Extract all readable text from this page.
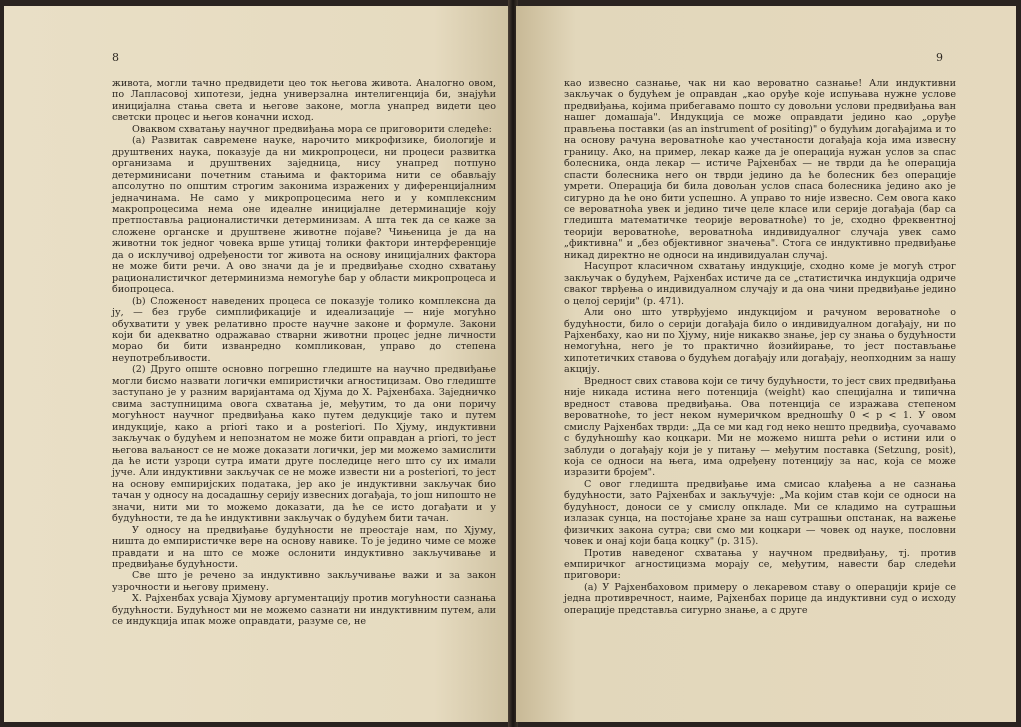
8

живота, могли тачно предвидети цео ток његова живота. Аналогно овом, по Лапласовој хипотези, једна универзална интелигенција би, знајући иницијална стања света и његове законе, могла унапред видети цео светски процес и његов коначни исход.

Оваквом схватању научног предвиђања мора се приговорити следеће:

(а) Развитак савремене науке, нарочито микрофизике, биологије и друштвених наука, показује да ни микропроцеси, ни процеси развитка организама и друштвених заједница, нису унапред потпуно детерминисани почетним стањима и факторима нити се обављају апсолутно по општим строгим законима изражених у диференцијалним једначинама. Не само у микропроцесима него и у комплексним макропроцесима нема оне идеалне иницијалне детерминације коју претпоставља рационалистички детерминизам. А шта тек да се каже за сложене органске и друштвене животне појаве? Чињеница је да на животни ток једног човека врше утицај толики фактори интерференције да о исклучивој одређености тог живота на основу иницијалних фактора не може бити речи. А ово значи да је и предвиђање сходно схватању рационалистичког детерминизма немогуће бар у области микропроцеса и биопроцеса.

(b) Сложеност наведених процеса се показује толико комплексна да ју, — без грубе симплификације и идеализације — није могућно обухватити у увек релативно просте научне законе и формуле. Закони који би адекватно одражавао стварни животни процес једне личности морао би бити изванредно компликован, управо до степена неупотребљивости.

(2) Друго опште основно погрешно гледиште на научно предвиђање могли бисмо назвати логички емпиристички агностицизам. Ово гледиште заступано је у разним варијантама од Хјума до Х. Рајхенбаха. Заједничко свима заступницима овога схватања је, међутим, то да они поричу могућност научног предвиђања како путем дедукције тако и путем индукције, како a priori тако и a posteriori. По Хјуму, индуктивни закључак о будућем и непознатом не може бити оправдан a priori, то јест његова ваљаност се не може доказати логички, јер ми можемо замислити да ће исти узроци сутра имати друге последице него што су их имали јуче. Али индуктивни закључак се не може извести ни a posteriori, то јест на основу емпиријских података, јер ако је индуктивни закључак био тачан у односу на досадашњу серију извесних догађаја, то још нипошто не значи, нити ми то можемо доказати, да ће се исто догађати и у будућности, те да ће индуктивни закључак о будућем бити тачан.

У односу на предвиђање будућности не преостаје нам, по Хјуму, ништа до емпиристичке вере на основу навике. То је једино чиме се може правдати и на што се може ослонити индуктивно закључивање и предвиђање будућности.

Све што је речено за индуктивно закључивање важи и за закон узрочности и његову примену.

Х. Рајхенбах усваја Хјумову аргументацију против могућности сазнања будућности. Будућност ми не можемо сазнати ни индуктивним путем, али се индукција ипак може оправдати, разуме се, не

9

као извесно сазнање, чак ни као вероватно сазнање! Али индуктивни закључак о будућем је оправдан „као оруђе које испуњава нужне услове предвиђања, којима прибегавамо пошто су довољни услови предвиђања ван нашег домашаја". Индукција се може оправдати једино као „оруђе прављења поставки (as an instrument of positing)" о будућим догађајима и то на основу рачуна вероватноће као учестаности догађаја која има извесну границу. Ако, на пример, лекар каже да је операција нужан услов за спас болесника, онда лекар — истиче Рајхенбах — не тврди да ће операција спасти болесника него он тврди једино да ће болесник без операције умрети. Операција би била довољан услов спаса болесника једино ако је сигурно да ће оно бити успешно. А управо то није извесно. Сем овога како се вероватноћа увек и једино тиче целе класе или серије догађаја (бар са гледишта математичке теорије вероватноће) то је, сходно фреквентној теорији вероватноће, вероватноћа индивидуалног случаја увек само „фиктивна" и „без објективног значења". Стога се индуктивно предвиђање никад директно не односи на индивидуалан случај.

Насупрот класичном схватању индукције, сходно коме је могућ строг закључак о будућем, Рајхенбах истиче да се „статистичка индукција одриче сваког тврђења о индивидуалном случају и да она чини предвиђање једино о целој серији" (p. 471).

Али оно што утврђујемо индукцијом и рачуном вероватноће о будућности, било о серији догађаја било о индивидуалном догађају, ни по Рајхенбаху, као ни по Хјуму, није никакво знање, јер су знања о будућности немогућна, него је то практично йозийирање, то јест постављање хипотетичких ставова о будућем догађају или догађају, неопходним за нашу акцију.

Вредност свих ставова који се тичу будућности, то јест свих предвиђања није никада истина него потенција (weight) као специјална и типична вредност ставова предвиђања. Ова потенција се изражава степеном вероватноће, то јест неком нумеричком вредношћу 0 < p < 1. У овом смислу Рајхенбах тврди: „Да се ми кад год неко нешто предвиђа, суочавамо с будућношћу као коцкари. Ми не можемо ништа рећи о истини или о заблуди о догађају који је у питању — међутим поставка (Setzung, posit), која се односи на њега, има одређену потенцију за нас, која се може изразити бројем".

С овог гледишта предвиђање има смисао клађења а не сазнања будућности, зато Рајхенбах и закључује: „Ма којим став који се односи на будућност, доноси се у смислу опкладе. Ми се кладимо на сутрашњи излазак сунца, на постојање хране за наш сутрашњи опстанак, на важење физичких закона сутра; сви смо ми коцкари — човек од науке, пословни човек и онај који баца коцку" (p. 315).

Против наведеног схватања у научном предвиђању, тј. против емпиричког агностицизма морају се, међутим, навести бар следећи приговори:

(а) У Рајхенбаховом примеру о лекаревом ставу о операцији крије се једна противречност, наиме, Рајхенбах порице да индуктивни суд о исходу операције представља сигурно знање, а с друге
